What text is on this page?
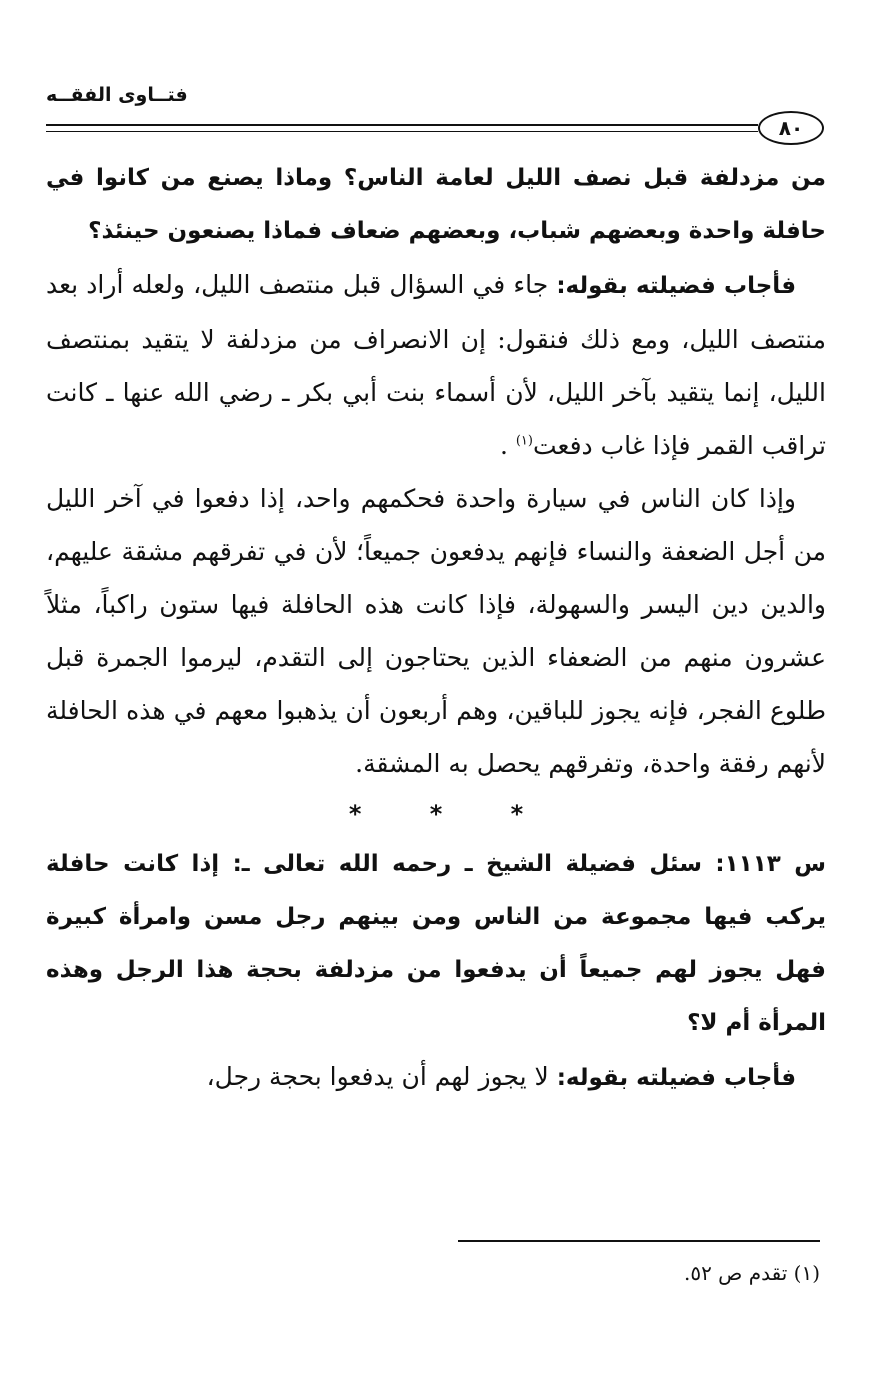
فتــاوى الفقــه
٨٠

من مزدلفة قبل نصف الليل لعامة الناس؟ وماذا يصنع من كانوا في حافلة واحدة وبعضهم شباب، وبعضهم ضعاف فماذا يصنعون حينئذ؟

فأجاب فضيلته بقوله: جاء في السؤال قبل منتصف الليل، ولعله أراد بعد منتصف الليل، ومع ذلك فنقول: إن الانصراف من مزدلفة لا يتقيد بمنتصف الليل، إنما يتقيد بآخر الليل، لأن أسماء بنت أبي بكر ـ رضي الله عنها ـ كانت تراقب القمر فإذا غاب دفعت$^{(١)}$ .

وإذا كان الناس في سيارة واحدة فحكمهم واحد، إذا دفعوا في آخر الليل من أجل الضعفة والنساء فإنهم يدفعون جميعاً؛ لأن في تفرقهم مشقة عليهم، والدين دين اليسر والسهولة، فإذا كانت هذه الحافلة فيها ستون راكباً، مثلاً عشرون منهم من الضعفاء الذين يحتاجون إلى التقدم، ليرموا الجمرة قبل طلوع الفجر، فإنه يجوز للباقين، وهم أربعون أن يذهبوا معهم في هذه الحافلة لأنهم رفقة واحدة، وتفرقهم يحصل به المشقة.

* * *

س ١١١٣: سئل فضيلة الشيخ ـ رحمه الله تعالى ـ: إذا كانت حافلة يركب فيها مجموعة من الناس ومن بينهم رجل مسن وامرأة كبيرة فهل يجوز لهم جميعاً أن يدفعوا من مزدلفة بحجة هذا الرجل وهذه المرأة أم لا؟

فأجاب فضيلته بقوله: لا يجوز لهم أن يدفعوا بحجة رجل،

(١) تقدم ص ٥٢.
